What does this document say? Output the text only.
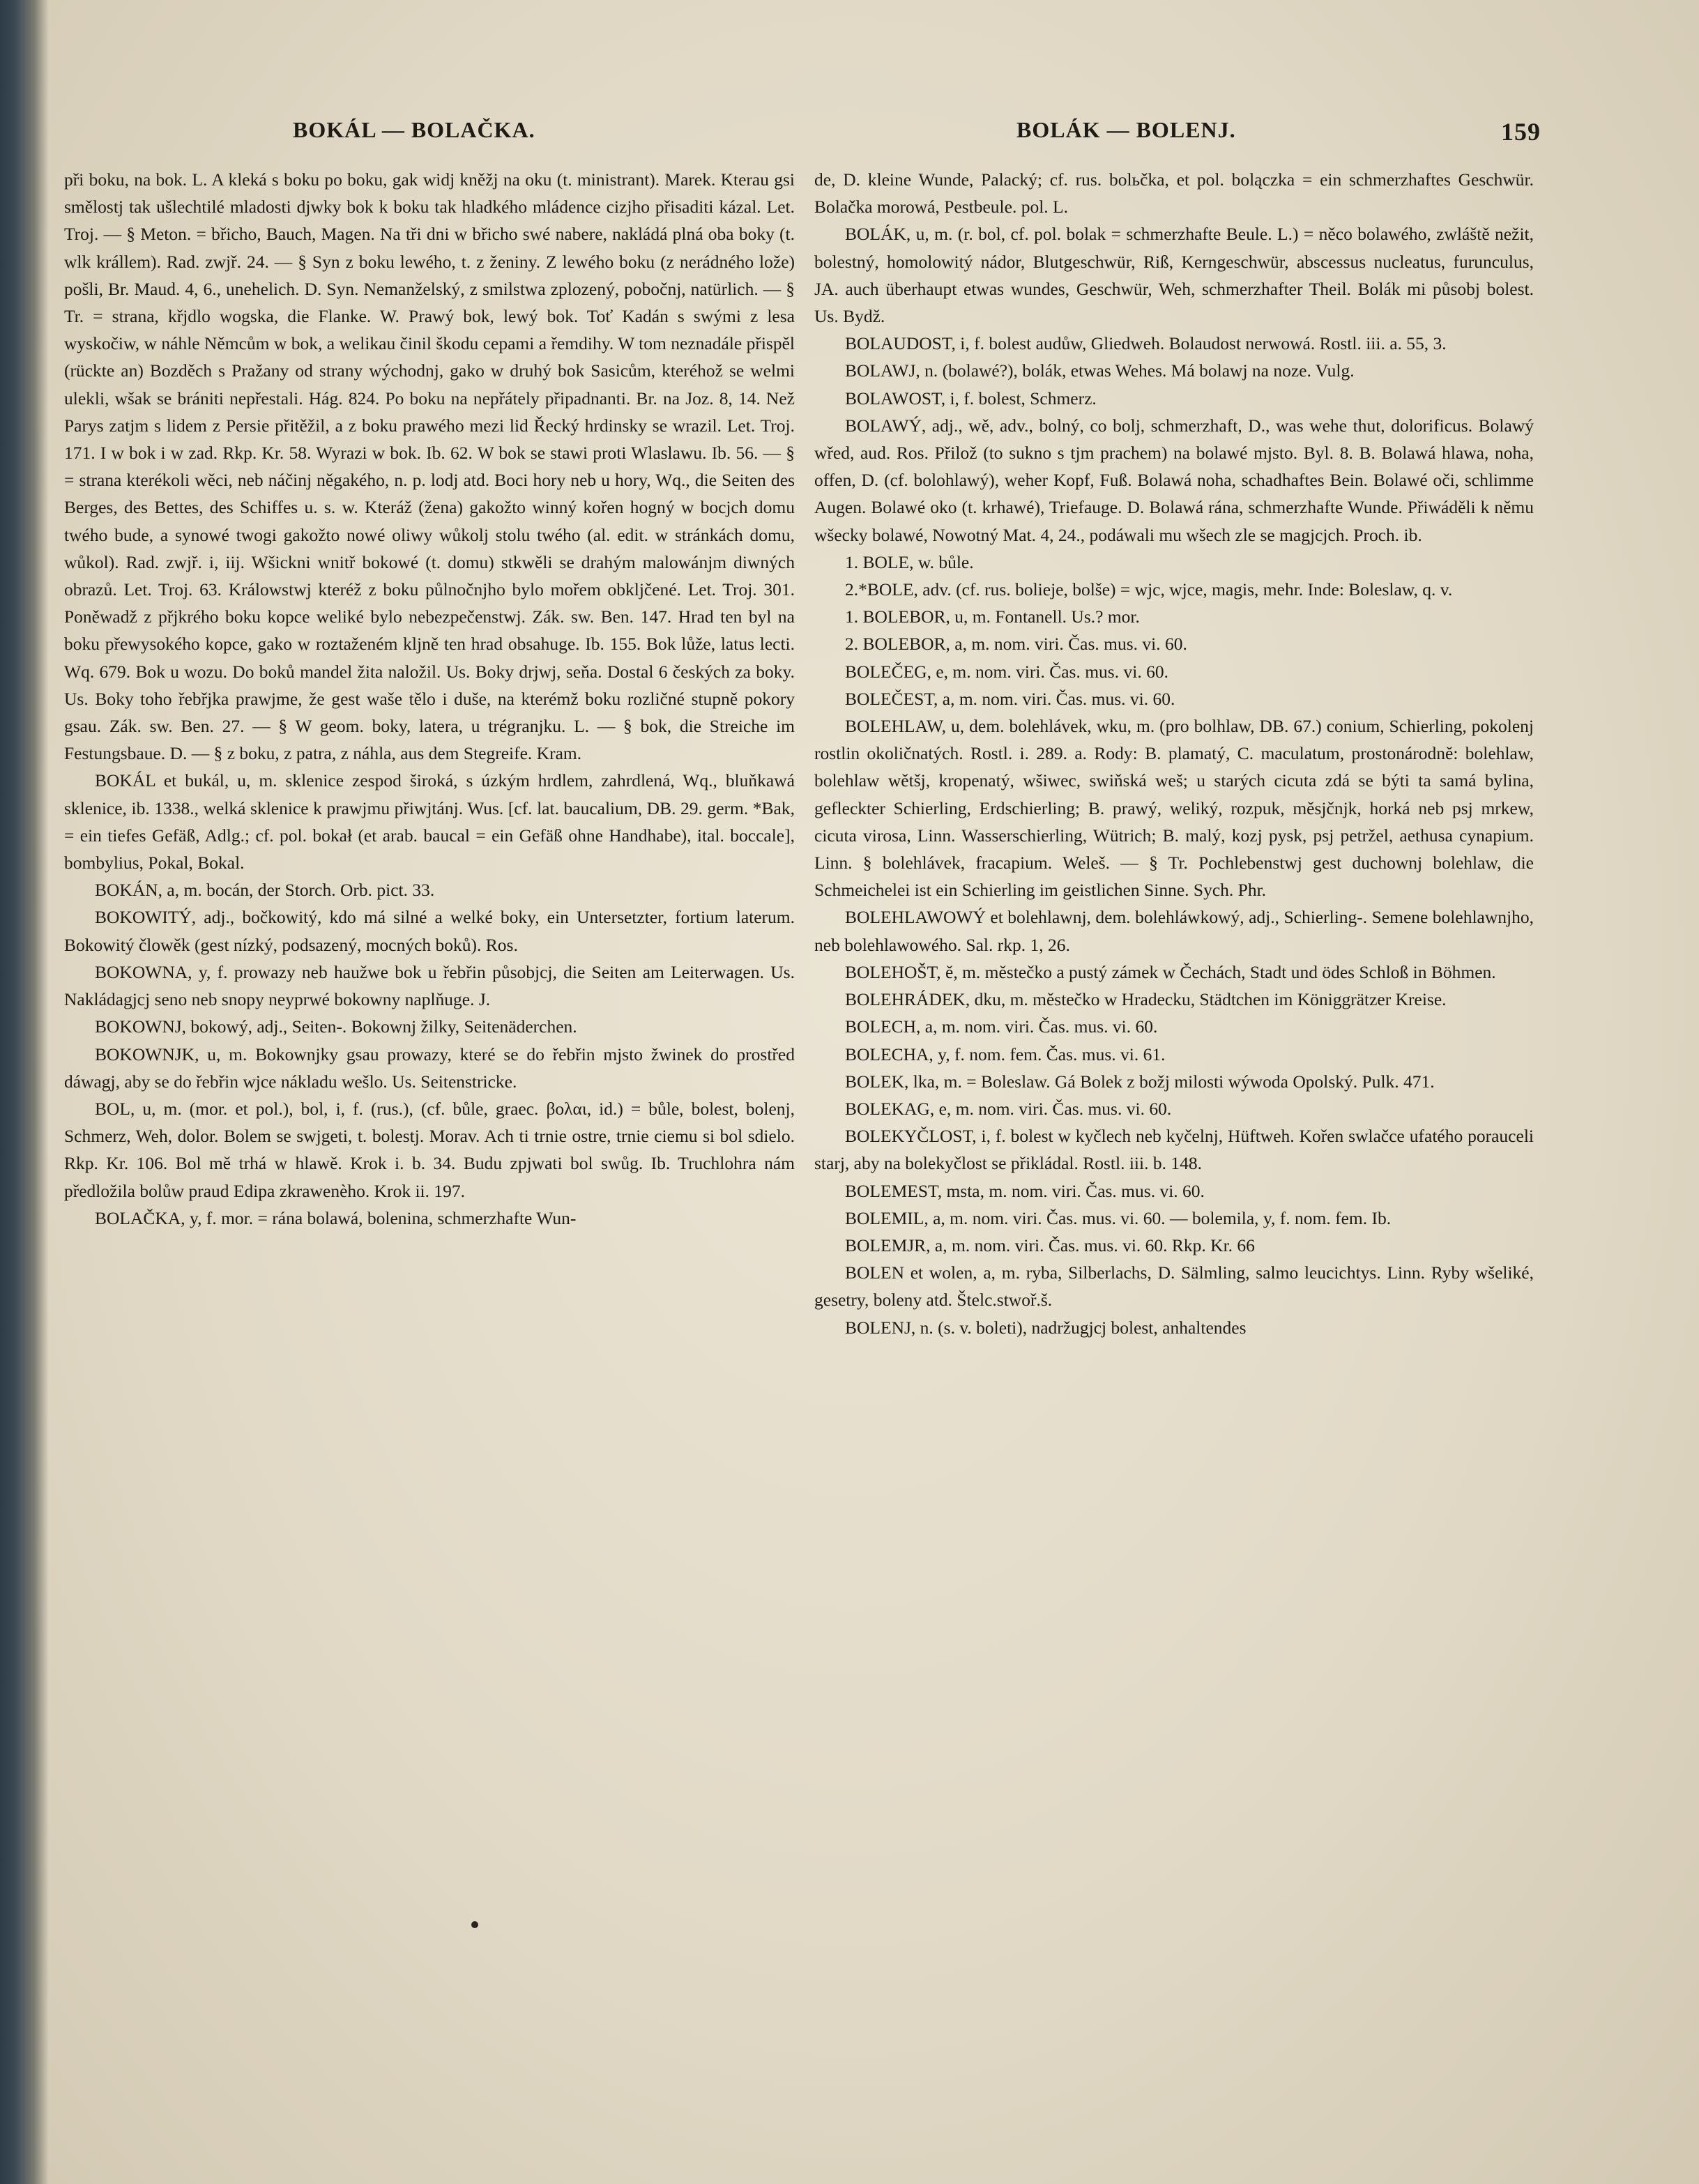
BOKÁL — BOLAČKA.	BOLÁK — BOLENJ.	159

při boku, na bok. L. A kleká s boku po boku, gak widj kněžj na oku (t. ministrant). Marek. Kterau gsi smělostj tak ušlechtilé mladosti djwky bok k boku tak hladkého mládence cizjho přisaditi kázal. Let. Troj. — § Meton. = břicho, Bauch, Magen. Na tři dni w břicho swé nabere, nakládá plná oba boky (t. wlk krállem). Rad. zwjř. 24. — § Syn z boku lewého, t. z ženiny. Z lewého boku (z nerádného lože) pošli, Br. Maud. 4, 6., unehelich. D. Syn. Nemanželský, z smilstwa zplozený, pobočnj, natürlich. — § Tr. = strana, křjdlo wogska, die Flanke. W. Prawý bok, lewý bok. Toť Kadán s swými z lesa wyskočiw, w náhle Němcům w bok, a welikau činil škodu cepami a řemdihy. W tom neznadále přispěl (rückte an) Bozděch s Pražany od strany wýchodnj, gako w druhý bok Sasicům, kteréhož se welmi ulekli, wšak se brániti nepřestali. Hág. 824. Po boku na nepřátely připadnanti. Br. na Joz. 8, 14. Než Parys zatjm s lidem z Persie přitěžil, a z boku prawého mezi lid Řecký hrdinsky se wrazil. Let. Troj. 171. I w bok i w zad. Rkp. Kr. 58. Wyrazi w bok. Ib. 62. W bok se stawi proti Wlaslawu. Ib. 56. — § = strana kterékoli wěci, neb náčinj něgakého, n. p. lodj atd. Boci hory neb u hory, Wq., die Seiten des Berges, des Bettes, des Schiffes u. s. w. Kteráž (žena) gakožto winný kořen hogný w bocjch domu twého bude, a synowé twogi gakožto nowé oliwy wůkolj stolu twého (al. edit. w stránkách domu, wůkol). Rad. zwjř. i, iij. Wšickni wnitř bokowé (t. domu) stkwěli se drahým malowánjm diwných obrazů. Let. Troj. 63. Králowstwj kteréž z boku půlnočnjho bylo mořem obkljčené. Let. Troj. 301. Poněwadž z přjkrého boku kopce weliké bylo nebezpečenstwj. Zák. sw. Ben. 147. Hrad ten byl na boku přewysokého kopce, gako w roztaženém kljně ten hrad obsahuge. Ib. 155. Bok lůže, latus lecti. Wq. 679. Bok u wozu. Do boků mandel žita naložil. Us. Boky drjwj, seňa. Dostal 6 českých za boky. Us. Boky toho řebřjka prawjme, že gest waše tělo i duše, na kterémž boku rozličné stupně pokory gsau. Zák. sw. Ben. 27. — § W geom. boky, latera, u trégranjku. L. — § bok, die Streiche im Festungsbaue. D. — § z boku, z patra, z náhla, aus dem Stegreife. Kram.

BOKÁL et bukál, u, m. sklenice zespod široká, s úzkým hrdlem, zahrdlená, Wq., bluňkawá sklenice, ib. 1338., welká sklenice k prawjmu přiwjtánj. Wus. [cf. lat. baucalium, DB. 29. germ. *Bak, = ein tiefes Gefäß, Adlg.; cf. pol. bokał (et arab. baucal = ein Gefäß ohne Handhabe), ital. boccale], bombylius, Pokal, Bokal.

BOKÁN, a, m. bocán, der Storch. Orb. pict. 33.

BOKOWITÝ, adj., bočkowitý, kdo má silné a welké boky, ein Untersetzter, fortium laterum. Bokowitý člowěk (gest nízký, podsazený, mocných boků). Ros.

BOKOWNA, y, f. prowazy neb haužwe bok u řebřin působjcj, die Seiten am Leiterwagen. Us. Nakládagjcj seno neb snopy neyprwé bokowny naplňuge. J.

BOKOWNJ, bokowý, adj., Seiten-. Bokownj žilky, Seitenäderchen.

BOKOWNJK, u, m. Bokownjky gsau prowazy, které se do řebřin mjsto žwinek do prostřed dáwagj, aby se do řebřin wjce nákladu wešlo. Us. Seitenstricke.

BOL, u, m. (mor. et pol.), bol, i, f. (rus.), (cf. bůle, graec. βολαι, id.) = bůle, bolest, bolenj, Schmerz, Weh, dolor. Bolem se swjgeti, t. bolestj. Morav. Ach ti trnie ostre, trnie ciemu si bol sdielo. Rkp. Kr. 106. Bol mě trhá w hlawě. Krok i. b. 34. Budu zpjwati bol swůg. Ib. Truchlohra nám předložila bolůw praud Edipa zkrawenèho. Krok ii. 197.

BOLAČKA, y, f. mor. = rána bolawá, bolenina, schmerzhafte Wun-

de, D. kleine Wunde, Palacký; cf. rus. bolьčka, et pol. bolączka = ein schmerzhaftes Geschwür. Bolačka morowá, Pestbeule. pol. L.

BOLÁK, u, m. (r. bol, cf. pol. bolak = schmerzhafte Beule. L.) = něco bolawého, zwláště nežit, bolestný, homolowitý nádor, Blutgeschwür, Riß, Kerngeschwür, abscessus nucleatus, furunculus, JA. auch überhaupt etwas wundes, Geschwür, Weh, schmerzhafter Theil. Bolák mi působj bolest. Us. Bydž.

BOLAUDOST, i, f. bolest audůw, Gliedweh. Bolaudost nerwowá. Rostl. iii. a. 55, 3.

BOLAWJ, n. (bolawé?), bolák, etwas Wehes. Má bolawj na noze. Vulg.

BOLAWOST, i, f. bolest, Schmerz.

BOLAWÝ, adj., wě, adv., bolný, co bolj, schmerzhaft, D., was wehe thut, dolorificus. Bolawý wřed, aud. Ros. Přilož (to sukno s tjm prachem) na bolawé mjsto. Byl. 8. B. Bolawá hlawa, noha, offen, D. (cf. bolohlawý), weher Kopf, Fuß. Bolawá noha, schadhaftes Bein. Bolawé oči, schlimme Augen. Bolawé oko (t. krhawé), Triefauge. D. Bolawá rána, schmerzhafte Wunde. Přiwáděli k němu wšecky bolawé, Nowotný Mat. 4, 24., podáwali mu wšech zle se magjcjch. Proch. ib.

1. BOLE, w. bůle.

2.*BOLE, adv. (cf. rus. bolieje, bolše) = wjc, wjce, magis, mehr. Inde: Boleslaw, q. v.

1. BOLEBOR, u, m. Fontanell. Us.? mor.

2. BOLEBOR, a, m. nom. viri. Čas. mus. vi. 60.

BOLEČEG, e, m. nom. viri. Čas. mus. vi. 60.

BOLEČEST, a, m. nom. viri. Čas. mus. vi. 60.

BOLEHLAW, u, dem. bolehlávek, wku, m. (pro bolhlaw, DB. 67.) conium, Schierling, pokolenj rostlin okoličnatých. Rostl. i. 289. a. Rody: B. plamatý, C. maculatum, prostonárodně: bolehlaw, bolehlaw wětšj, kropenatý, wšiwec, swiňská weš; u starých cicuta zdá se býti ta samá bylina, gefleckter Schierling, Erdschierling; B. prawý, weliký, rozpuk, měsjčnjk, horká neb psj mrkew, cicuta virosa, Linn. Wasserschierling, Wütrich; B. malý, kozj pysk, psj petržel, aethusa cynapium. Linn. § bolehlávek, fracapium. Weleš. — § Tr. Pochlebenstwj gest duchownj bolehlaw, die Schmeichelei ist ein Schierling im geistlichen Sinne. Sych. Phr.

BOLEHLAWOWÝ et bolehlawnj, dem. bolehláwkowý, adj., Schierling-. Semene bolehlawnjho, neb bolehlawowého. Sal. rkp. 1, 26.

BOLEHOŠT, ě, m. městečko a pustý zámek w Čechách, Stadt und ödes Schloß in Böhmen.

BOLEHRÁDEK, dku, m. městečko w Hradecku, Städtchen im Königgrätzer Kreise.

BOLECH, a, m. nom. viri. Čas. mus. vi. 60.

BOLECHA, y, f. nom. fem. Čas. mus. vi. 61.

BOLEK, lka, m. = Boleslaw. Gá Bolek z božj milosti wýwoda Opolský. Pulk. 471.

BOLEKAG, e, m. nom. viri. Čas. mus. vi. 60.

BOLEKYČLOST, i, f. bolest w kyčlech neb kyčelnj, Hüftweh. Kořen swlačce ufatého porauceli starj, aby na bolekyčlost se přikládal. Rostl. iii. b. 148.

BOLEMEST, msta, m. nom. viri. Čas. mus. vi. 60.

BOLEMIL, a, m. nom. viri. Čas. mus. vi. 60. — bolemila, y, f. nom. fem. Ib.

BOLEMJR, a, m. nom. viri. Čas. mus. vi. 60. Rkp. Kr. 66

BOLEN et wolen, a, m. ryba, Silberlachs, D. Sälmling, salmo leucichtys. Linn. Ryby wšeliké, gesetry, boleny atd. Štelc.stwoř.š.

BOLENJ, n. (s. v. boleti), nadržugjcj bolest, anhaltendes
